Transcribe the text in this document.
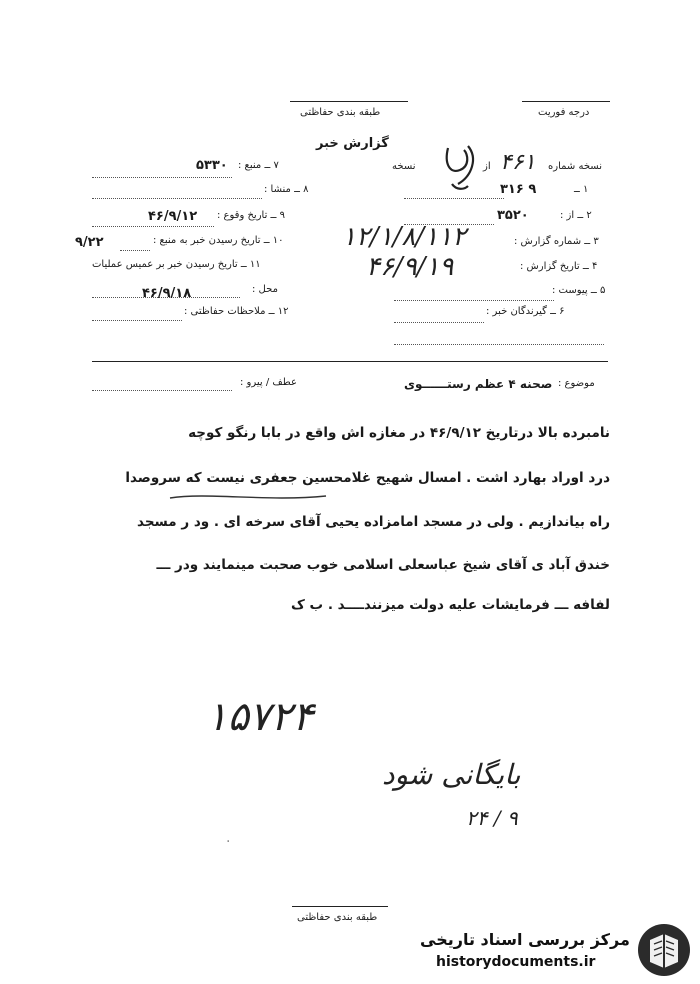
طبقه بندی حفاظتی	درجه فوریت
گزارش خبر
۵۳۳۰ ۷ ــ منبع :
۸ ــ منشا :
۴۶/۹/۱۲ ۹ ــ تاریخ وقوع :
۹/۲۲	۱۰ ــ تاریخ رسیدن خبر به منبع :
۱۱ ــ تاریخ رسیدن خبر بر عمیس عملیات
۴۶/۹/۱۸	محل :
۱۲ ــ ملاحظات حفاظتی :
نسخه شماره
۴۶۱
از
نسخه
۳۱۶ ۹	۱ ــ
۳۵۲۰	۲ ــ از :
۱۲/۱/۸/۱۱۲	۳ ــ شماره گزارش :
۴۶/۹/۱۹	۴ ــ تاریخ گزارش :
۵ ــ پیوست :
۶ ــ گیرندگان خبر :
عطف / پیرو :	صحنه ۴ عظم رستــــــوی موضوع :
نامبرده بالا درتاریخ ۴۶/۹/۱۲ در مغازه اش واقع در بابا رنگو کوچه
درد اوراد بهارد اشت . امسال شهیح غلامحسین جعفری نیست که سروصدا
راه بیاندازیم . ولی در مسجد امامزاده یحیی آقای سرخه ای . ود ر مسجد
خندق آباد ی آقای شیخ عباسعلی اسلامی خوب صحبت مینمایند ودر ـــ
لفافه ـــ فرمایشات علیه دولت میزنندــــد . ب ک
۱۵۷۲۴
بایگانی شود
۲۴ / ۹
.
طبقه بندی حفاظتی
مرکز بررسی اسناد تاریخی
historydocuments.ir
